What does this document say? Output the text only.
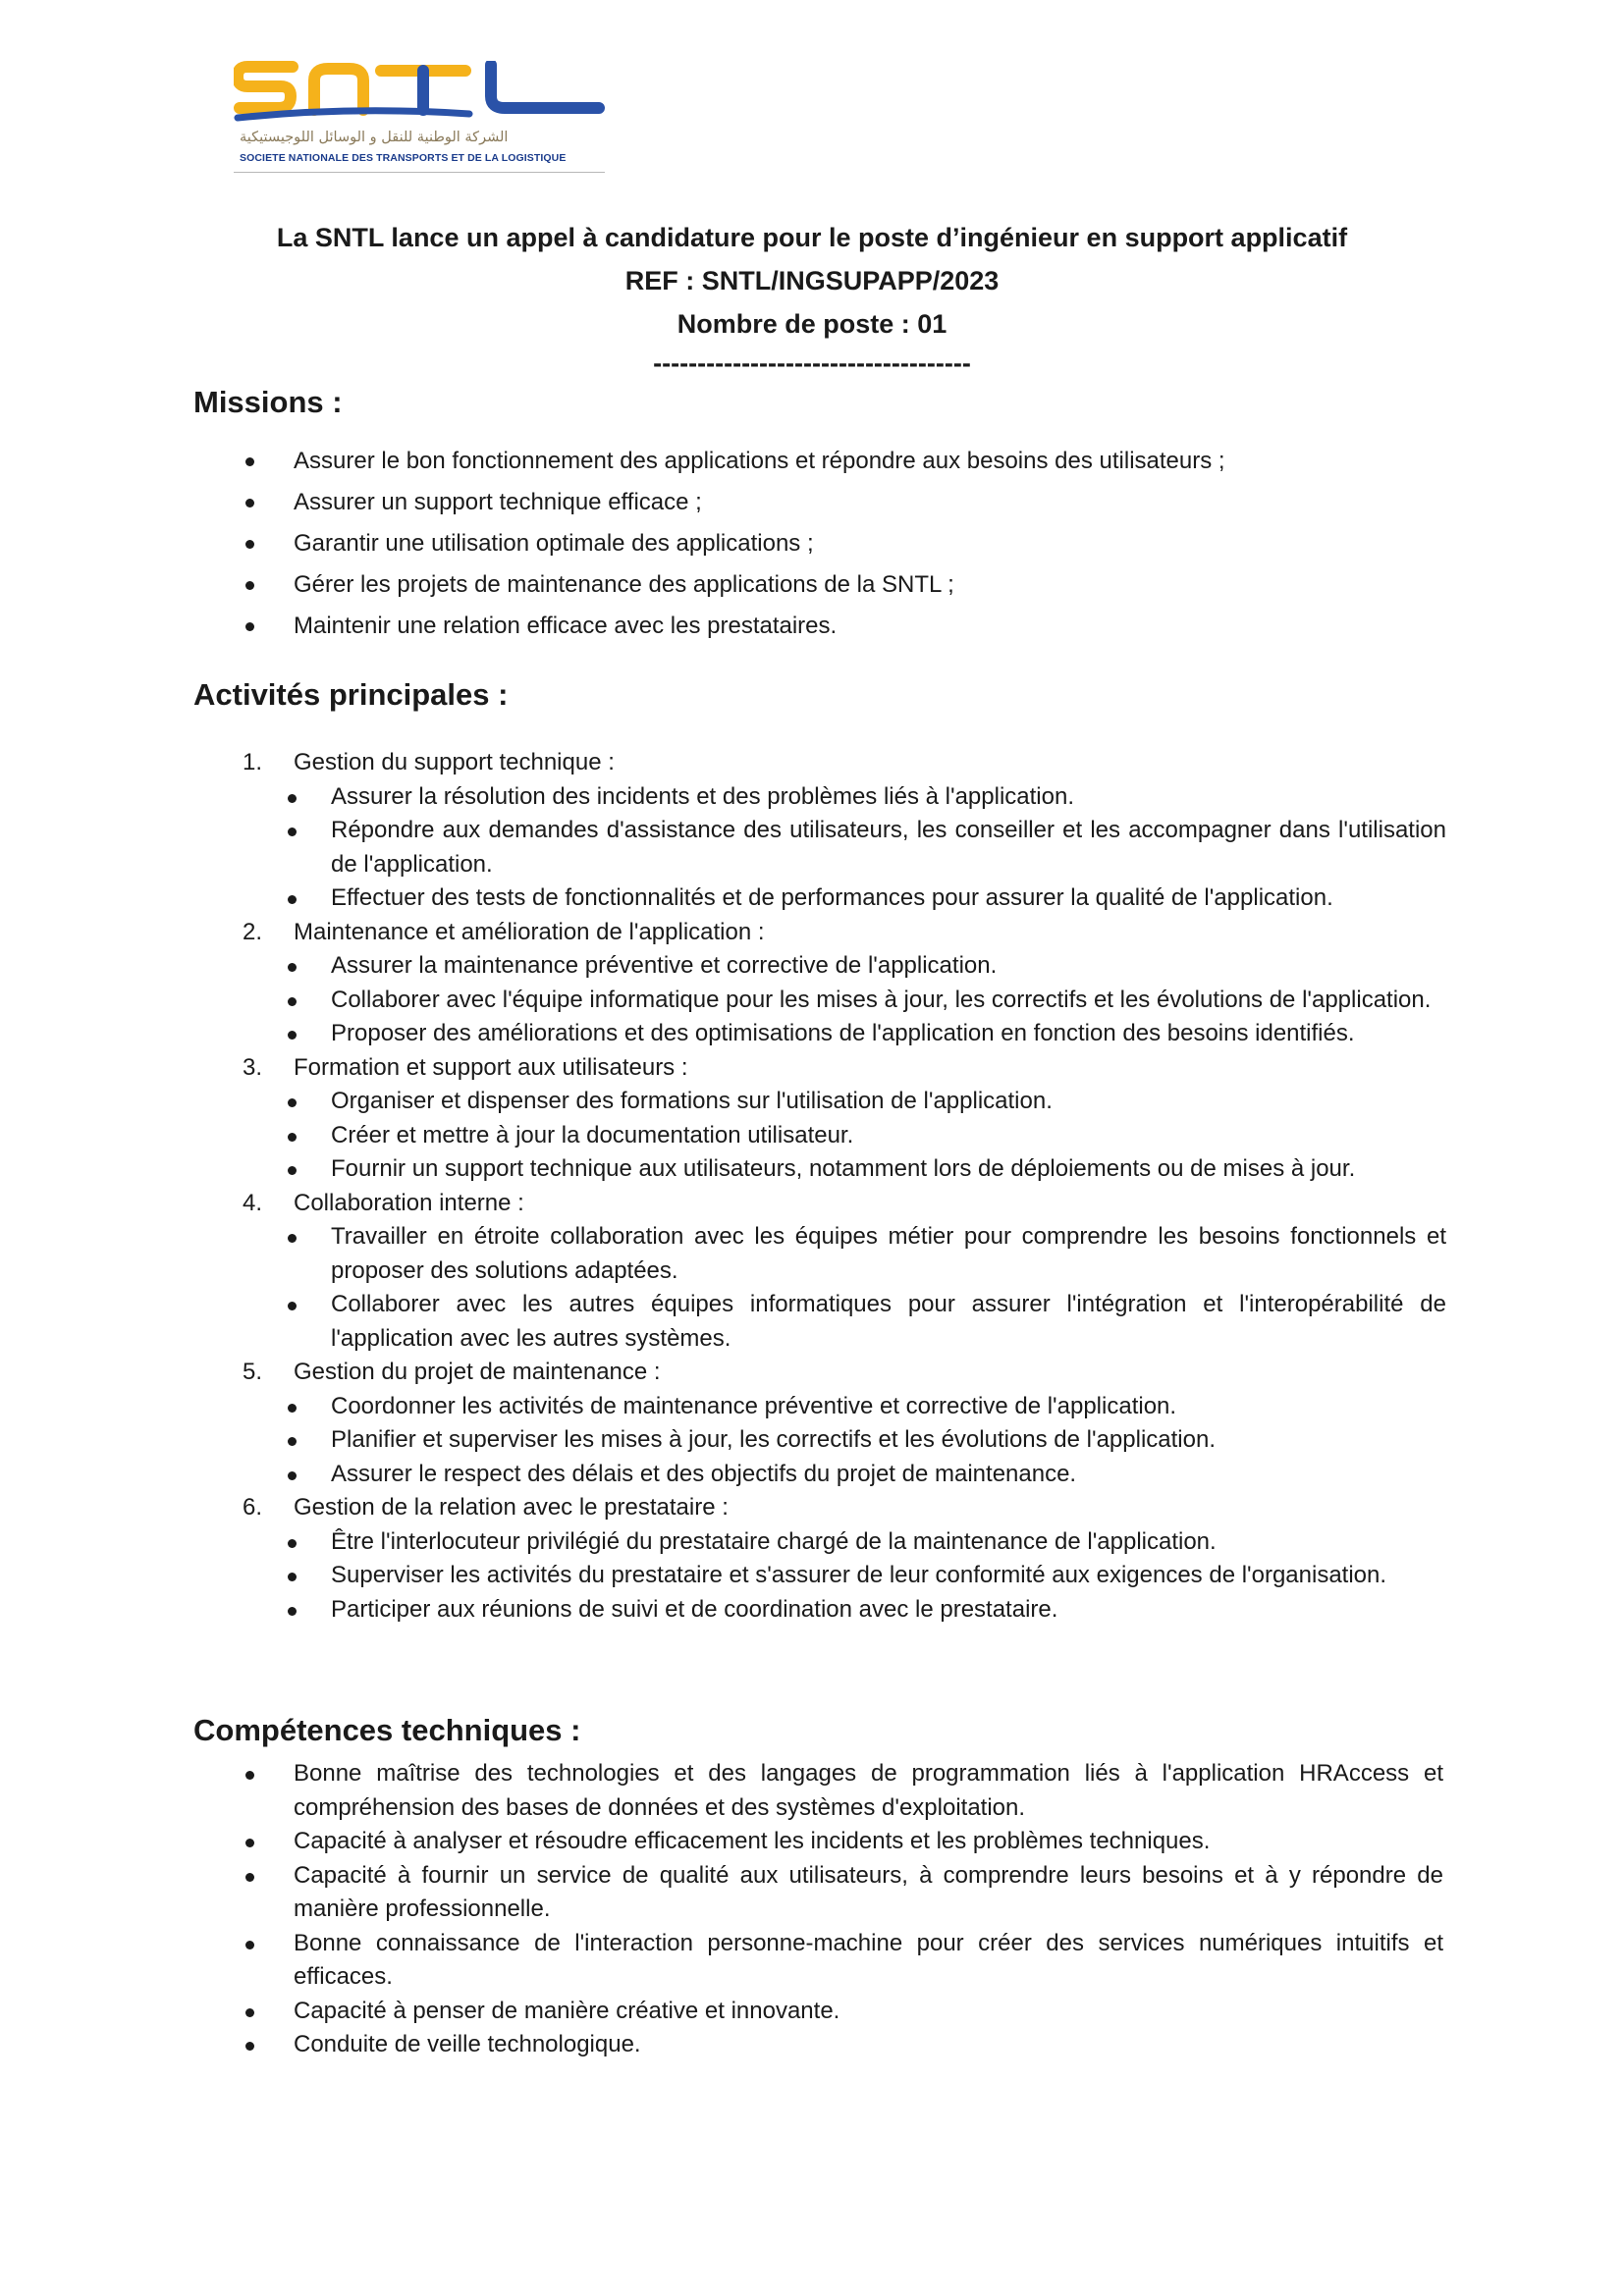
الشركة الوطنية للنقل و الوسائل اللوجيستيكية
SOCIETE NATIONALE DES TRANSPORTS ET DE LA LOGISTIQUE
La SNTL lance un appel à candidature pour le poste d’ingénieur en support applicatif
REF : SNTL/INGSUPAPP/2023
Nombre de poste : 01
------------------------------------
Missions :
Assurer le bon fonctionnement des applications et répondre aux besoins des utilisateurs ;
Assurer un support technique efficace ;
Garantir une utilisation optimale des applications ;
Gérer les projets de maintenance des applications de la SNTL ;
Maintenir une relation efficace avec les prestataires.
Activités principales :
1. Gestion du support technique :
Assurer la résolution des incidents et des problèmes liés à l'application.
Répondre aux demandes d'assistance des utilisateurs, les conseiller et les accompagner dans l'utilisation de l'application.
Effectuer des tests de fonctionnalités et de performances pour assurer la qualité de l'application.
2. Maintenance et amélioration de l'application :
Assurer la maintenance préventive et corrective de l'application.
Collaborer avec l'équipe informatique pour les mises à jour, les correctifs et les évolutions de l'application.
Proposer des améliorations et des optimisations de l'application en fonction des besoins identifiés.
3. Formation et support aux utilisateurs :
Organiser et dispenser des formations sur l'utilisation de l'application.
Créer et mettre à jour la documentation utilisateur.
Fournir un support technique aux utilisateurs, notamment lors de déploiements ou de mises à jour.
4. Collaboration interne :
Travailler en étroite collaboration avec les équipes métier pour comprendre les besoins fonctionnels et proposer des solutions adaptées.
Collaborer avec les autres équipes informatiques pour assurer l'intégration et l'interopérabilité de l'application avec les autres systèmes.
5. Gestion du projet de maintenance :
Coordonner les activités de maintenance préventive et corrective de l'application.
Planifier et superviser les mises à jour, les correctifs et les évolutions de l'application.
Assurer le respect des délais et des objectifs du projet de maintenance.
6. Gestion de la relation avec le prestataire :
Être l'interlocuteur privilégié du prestataire chargé de la maintenance de l'application.
Superviser les activités du prestataire et s'assurer de leur conformité aux exigences de l'organisation.
Participer aux réunions de suivi et de coordination avec le prestataire.
Compétences techniques :
Bonne maîtrise des technologies et des langages de programmation liés à l'application HRAccess et compréhension des bases de données et des systèmes d'exploitation.
Capacité à analyser et résoudre efficacement les incidents et les problèmes techniques.
Capacité à fournir un service de qualité aux utilisateurs, à comprendre leurs besoins et à y répondre de manière professionnelle.
Bonne connaissance de l'interaction personne-machine pour créer des services numériques intuitifs et efficaces.
Capacité à penser de manière créative et innovante.
Conduite de veille technologique.
